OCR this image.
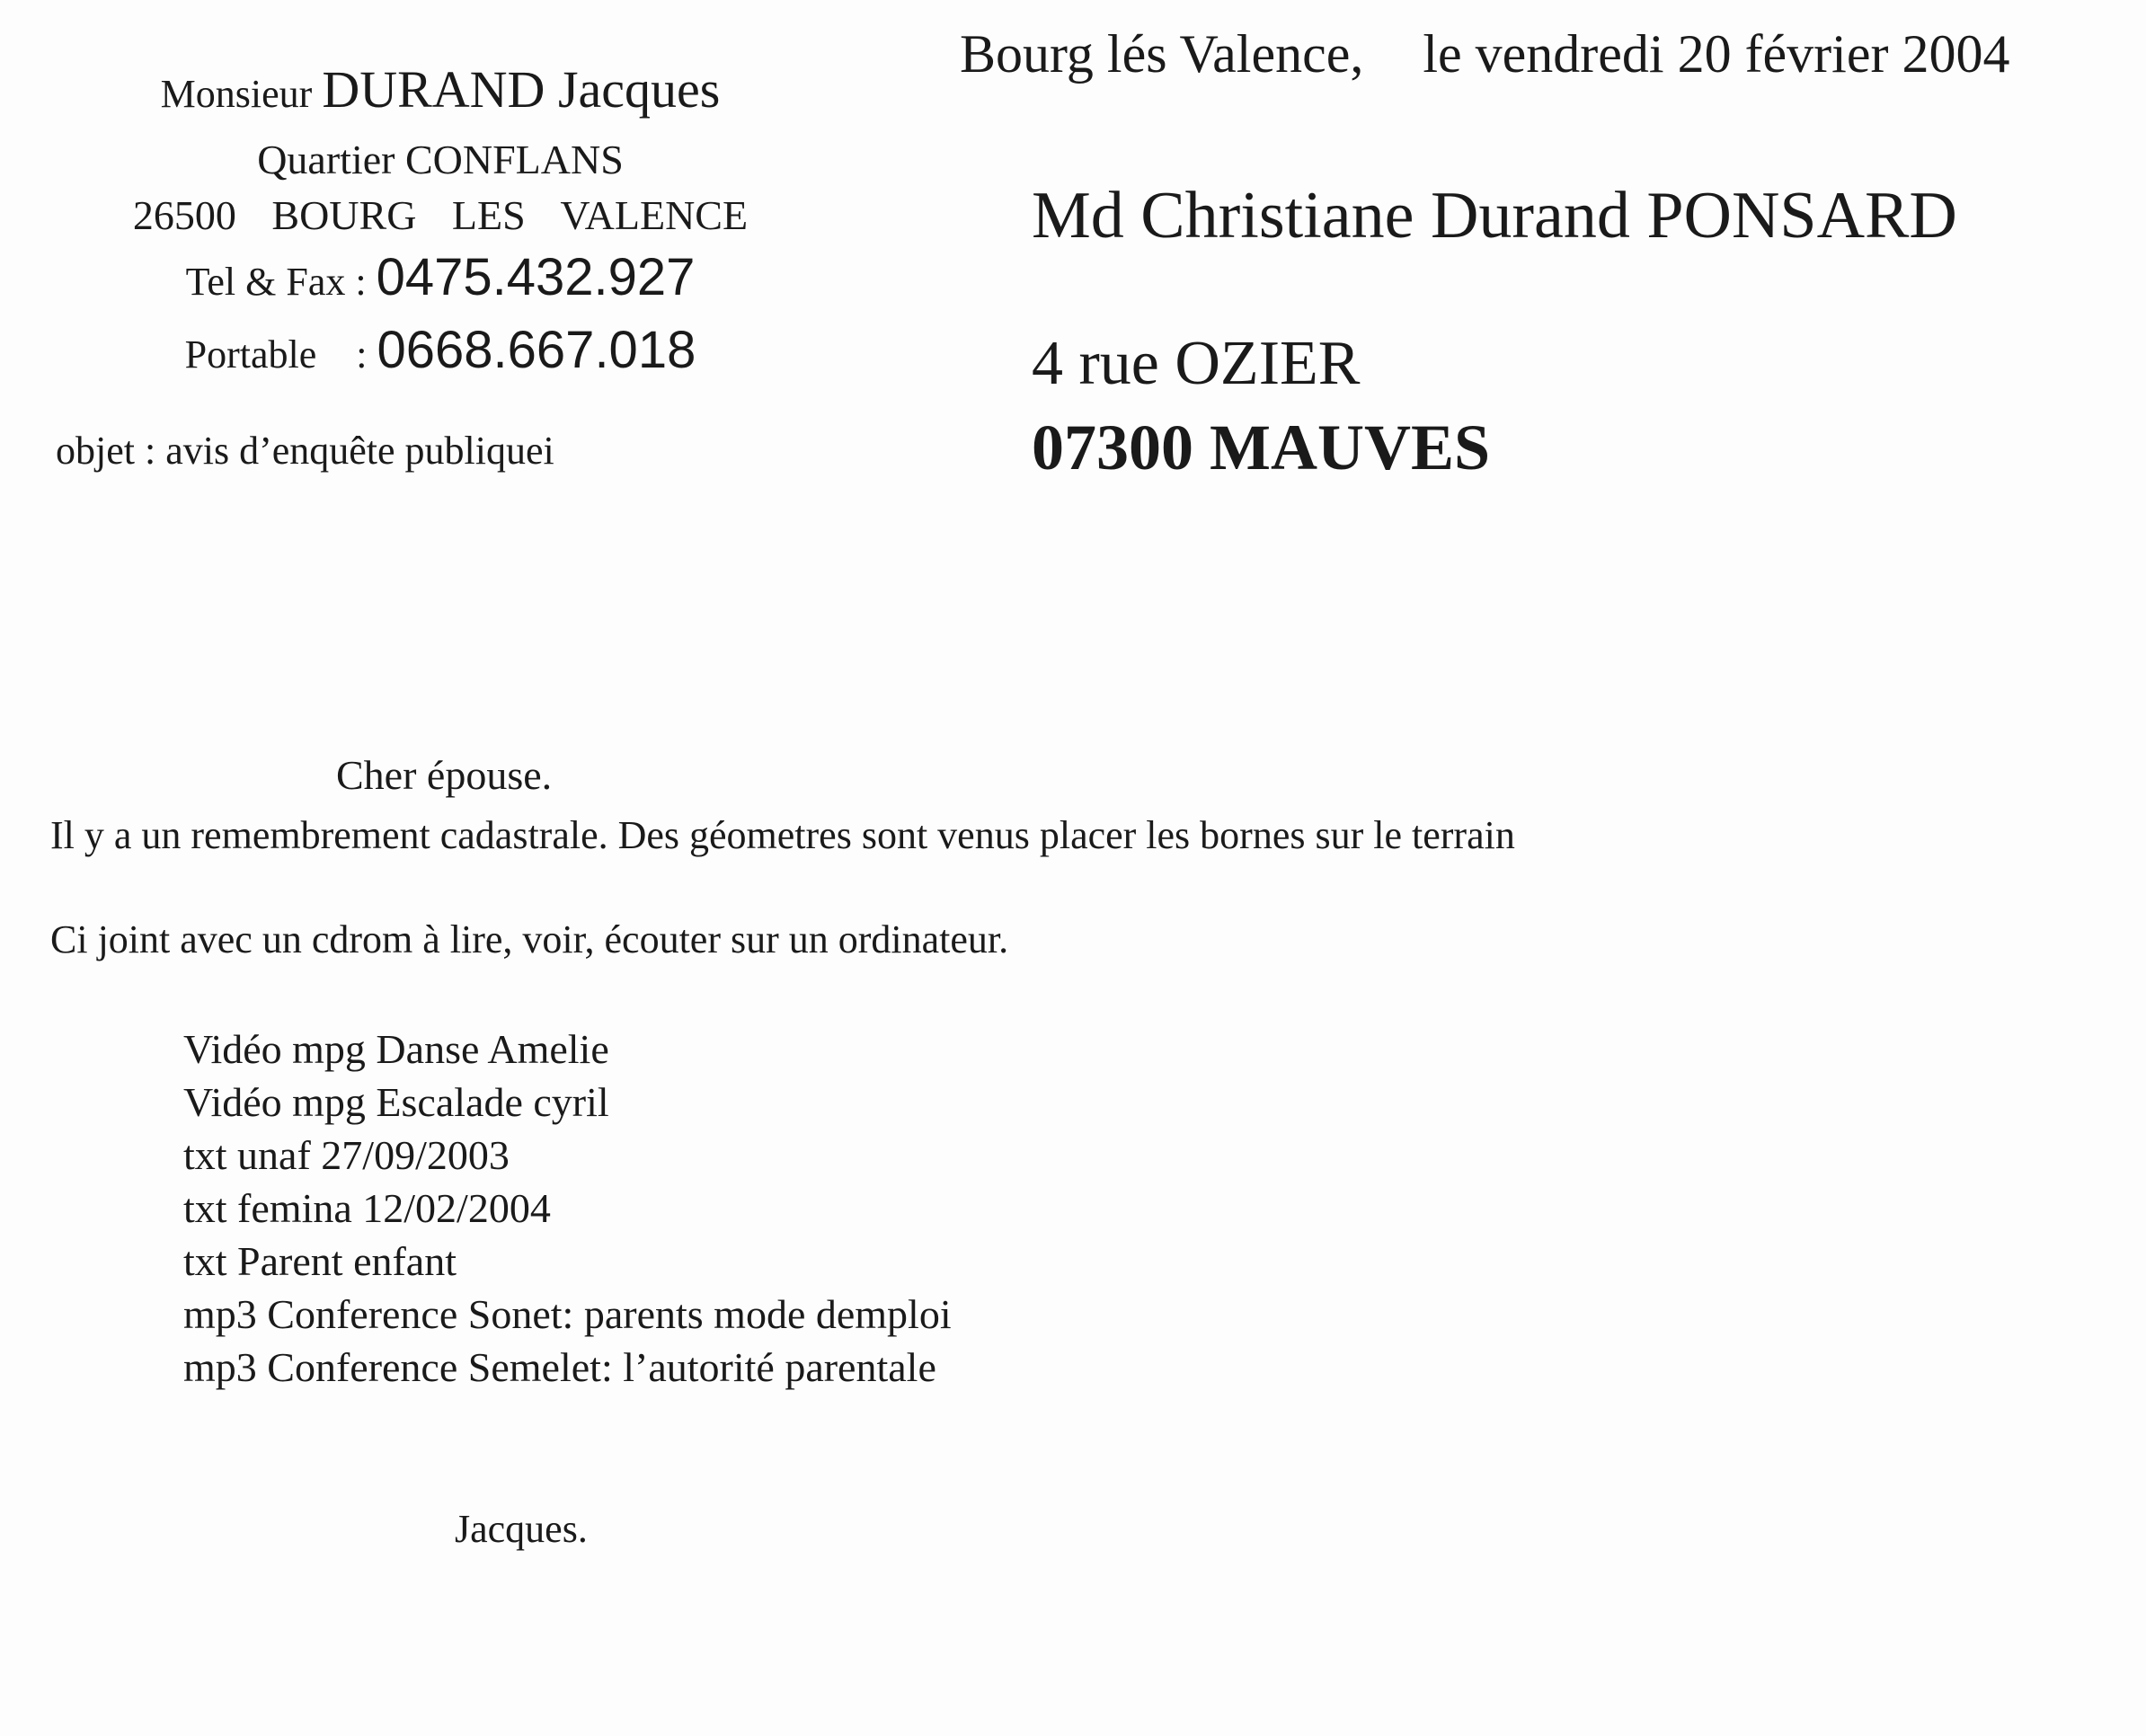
Monsieur DURAND Jacques
Quartier CONFLANS
26500 BOURG LES VALENCE
Tel & Fax : 0475.432.927
Portable : 0668.667.018
objet : avis d’enquête publiquei
Bourg lés Valence, le vendredi 20 février 2004
Md Christiane Durand PONSARD
4 rue OZIER
07300 MAUVES
Cher épouse.
Il y a un remembrement cadastrale. Des géometres sont venus placer les bornes sur le terrain
Ci joint avec un cdrom à lire, voir, écouter sur un ordinateur.
Vidéo mpg Danse Amelie
Vidéo mpg Escalade cyril
txt unaf 27/09/2003
txt femina 12/02/2004
txt Parent enfant
mp3 Conference Sonet: parents mode demploi
mp3 Conference Semelet: l’autorité parentale
Jacques.
